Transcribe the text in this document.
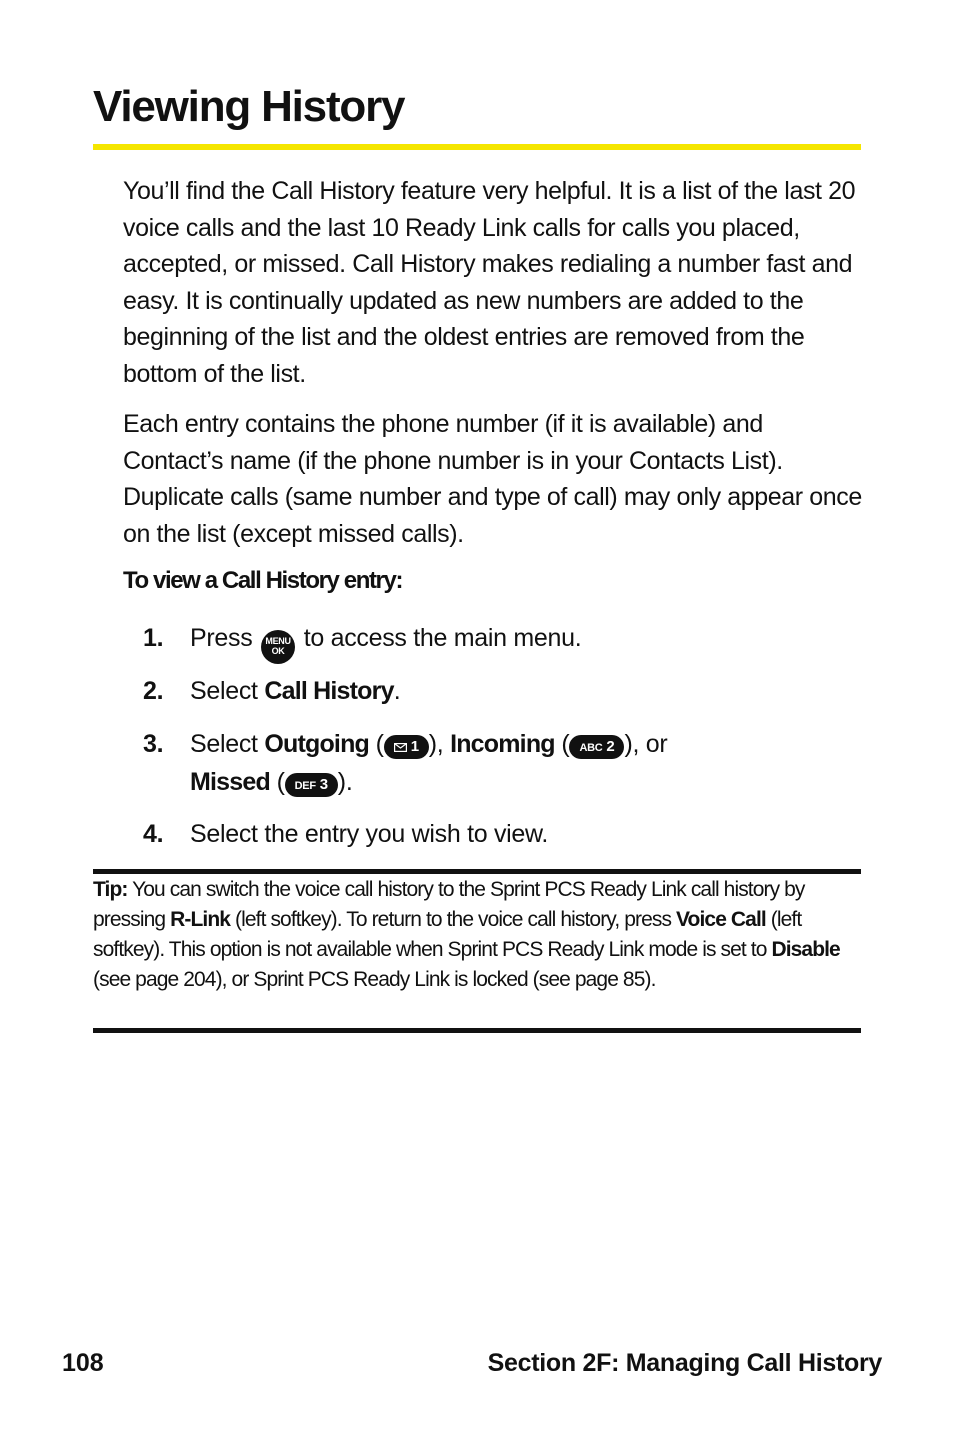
Viewing History

You’ll find the Call History feature very helpful. It is a list of the last 20 voice calls and the last 10 Ready Link calls for calls you placed, accepted, or missed. Call History makes redialing a number fast and easy. It is continually updated as new numbers are added to the beginning of the list and the oldest entries are removed from the bottom of the list.

Each entry contains the phone number (if it is available) and Contact’s name (if the phone number is in your Contacts List). Duplicate calls (same number and type of call) may only appear once on the list (except missed calls).

To view a Call History entry:

1. Press MENU
OK to access the main menu.
2. Select Call History.
3. Select Outgoing ( 1 ), Incoming ( ABC 2 ), or
Missed ( DEF 3 ).
4. Select the entry you wish to view.

Tip: You can switch the voice call history to the Sprint PCS Ready Link call history by pressing R-Link (left softkey). To return to the voice call history, press Voice Call (left softkey). This option is not available when Sprint PCS Ready Link mode is set to Disable (see page 204), or Sprint PCS Ready Link is locked (see page 85).

108	Section 2F: Managing Call History
